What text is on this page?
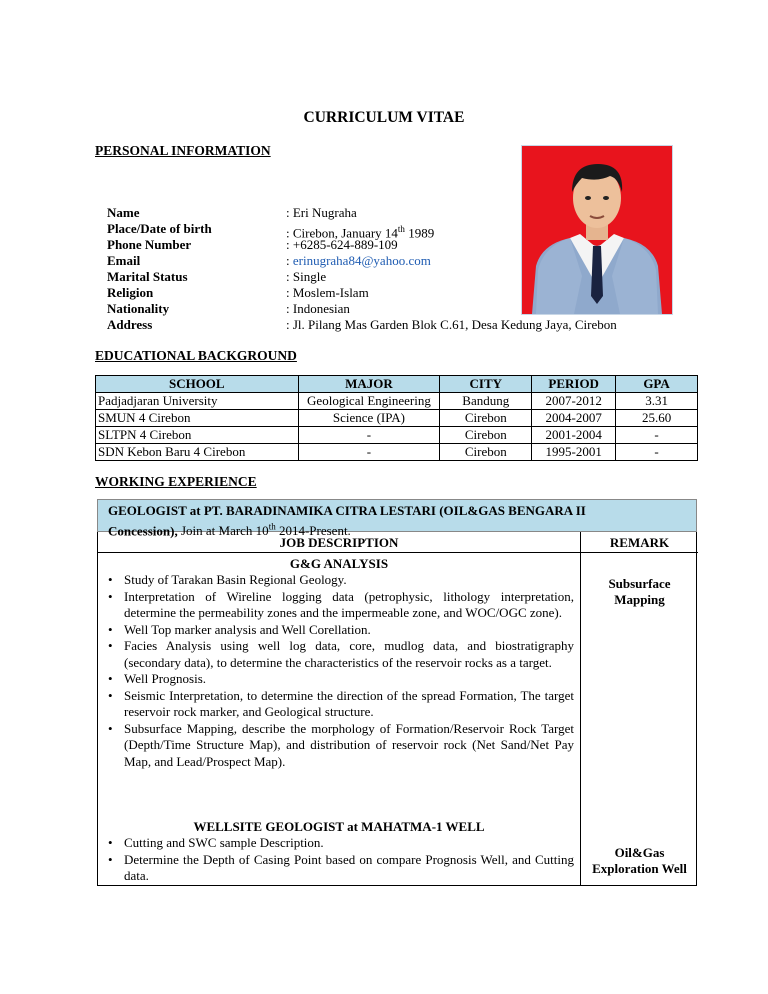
CURRICULUM VITAE
PERSONAL INFORMATION
Name	: Eri Nugraha
Place/Date of birth	: Cirebon, January 14th 1989
Phone Number	: +6285-624-889-109
Email	: erinugraha84@yahoo.com
Marital Status	: Single
Religion	: Moslem-Islam
Nationality	: Indonesian
Address	: Jl. Pilang Mas Garden Blok C.61, Desa Kedung Jaya, Cirebon
EDUCATIONAL BACKGROUND
SCHOOL	MAJOR	CITY	PERIOD	GPA
Padjadjaran University	Geological Engineering	Bandung	2007-2012	3.31
SMUN 4 Cirebon	Science (IPA)	Cirebon	2004-2007	25.60
SLTPN 4 Cirebon	-	Cirebon	2001-2004	-
SDN Kebon Baru 4 Cirebon	-	Cirebon	1995-2001	-
WORKING EXPERIENCE
GEOLOGIST at PT. BARADINAMIKA CITRA LESTARI (OIL&GAS BENGARA II
Concession), Join at March 10th 2014-Present.
JOB DESCRIPTION	REMARK
G&G ANALYSIS
• Study of Tarakan Basin Regional Geology.
• Interpretation of Wireline logging data (petrophysic, lithology interpretation, determine the permeability zones and the impermeable zone, and WOC/OGC zone).
• Well Top marker analysis and Well Corellation.
• Facies Analysis using well log data, core, mudlog data, and biostratigraphy (secondary data), to determine the characteristics of the reservoir rocks as a target.
• Well Prognosis.
• Seismic Interpretation, to determine the direction of the spread Formation, The target reservoir rock marker, and Geological structure.
• Subsurface Mapping, describe the morphology of Formation/Reservoir Rock Target (Depth/Time Structure Map), and distribution of reservoir rock (Net Sand/Net Pay Map, and Lead/Prospect Map).
Subsurface
Mapping
WELLSITE GEOLOGIST at MAHATMA-1 WELL
• Cutting and SWC sample Description.
• Determine the Depth of Casing Point based on compare Prognosis Well, and Cutting data.
Oil&Gas
Exploration Well
